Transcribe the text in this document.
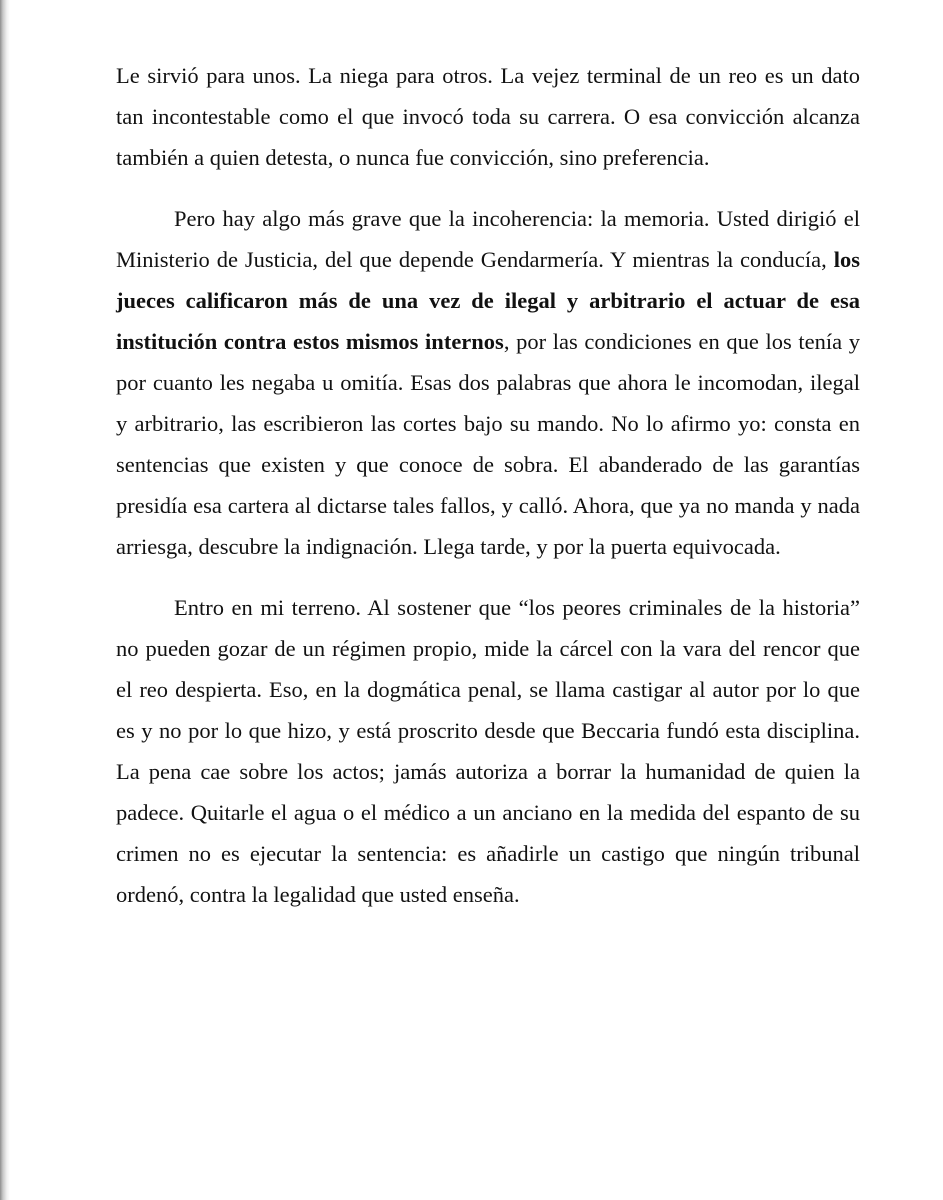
Le sirvió para unos. La niega para otros. La vejez terminal de un reo es un dato tan incontestable como el que invocó toda su carrera. O esa convicción alcanza también a quien detesta, o nunca fue convicción, sino preferencia.

Pero hay algo más grave que la incoherencia: la memoria. Usted dirigió el Ministerio de Justicia, del que depende Gendarmería. Y mientras la conducía, los jueces calificaron más de una vez de ilegal y arbitrario el actuar de esa institución contra estos mismos internos, por las condiciones en que los tenía y por cuanto les negaba u omitía. Esas dos palabras que ahora le incomodan, ilegal y arbitrario, las escribieron las cortes bajo su mando. No lo afirmo yo: consta en sentencias que existen y que conoce de sobra. El abanderado de las garantías presidía esa cartera al dictarse tales fallos, y calló. Ahora, que ya no manda y nada arriesga, descubre la indignación. Llega tarde, y por la puerta equivocada.

Entro en mi terreno. Al sostener que “los peores criminales de la historia” no pueden gozar de un régimen propio, mide la cárcel con la vara del rencor que el reo despierta. Eso, en la dogmática penal, se llama castigar al autor por lo que es y no por lo que hizo, y está proscrito desde que Beccaria fundó esta disciplina. La pena cae sobre los actos; jamás autoriza a borrar la humanidad de quien la padece. Quitarle el agua o el médico a un anciano en la medida del espanto de su crimen no es ejecutar la sentencia: es añadirle un castigo que ningún tribunal ordenó, contra la legalidad que usted enseña.
